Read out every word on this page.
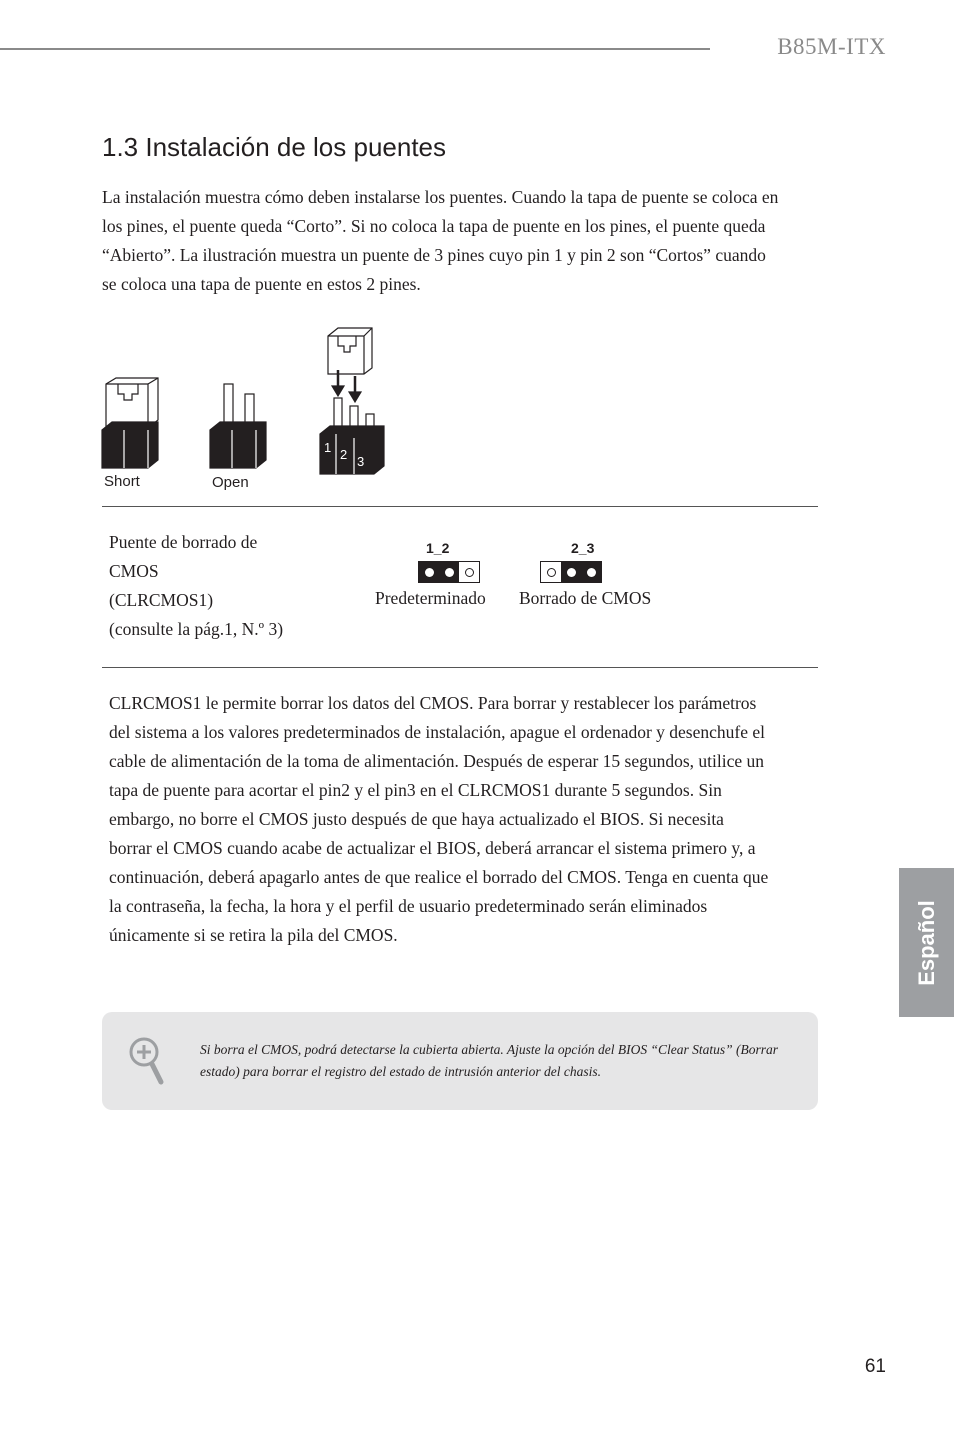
B85M-ITX
1.3 Instalación de los puentes
La instalación muestra cómo deben instalarse los puentes. Cuando la tapa de puente se coloca en los pines, el puente queda “Corto”. Si no coloca la tapa de puente en los pines, el puente queda “Abierto”. La ilustración muestra un puente de 3 pines cuyo pin 1 y pin 2 son “Cortos” cuando se coloca una tapa de puente en estos 2 pines.
1 2 3
Short	Open
Puente de borrado de
CMOS
(CLRCMOS1)
(consulte la pág.1, N.º 3)
1_2
Predeterminado
2_3
Borrado de CMOS
CLRCMOS1 le permite borrar los datos del CMOS. Para borrar y restablecer los parámetros del sistema a los valores predeterminados de instalación, apague el ordenador y desenchufe el cable de alimentación de la toma de alimentación. Después de esperar 15 segundos, utilice un tapa de puente para acortar el pin2 y el pin3 en el CLRCMOS1 durante 5 segundos. Sin embargo, no borre el CMOS justo después de que haya actualizado el BIOS. Si necesita borrar el CMOS cuando acabe de actualizar el BIOS, deberá arrancar el sistema primero y, a continuación, deberá apagarlo antes de que realice el borrado del CMOS. Tenga en cuenta que la contraseña, la fecha, la hora y el perfil de usuario predeterminado serán eliminados únicamente si se retira la pila del CMOS.
Si borra el CMOS, podrá detectarse la cubierta abierta. Ajuste la opción del BIOS “Clear Status” (Borrar estado) para borrar el registro del estado de intrusión anterior del chasis.
Español
61
